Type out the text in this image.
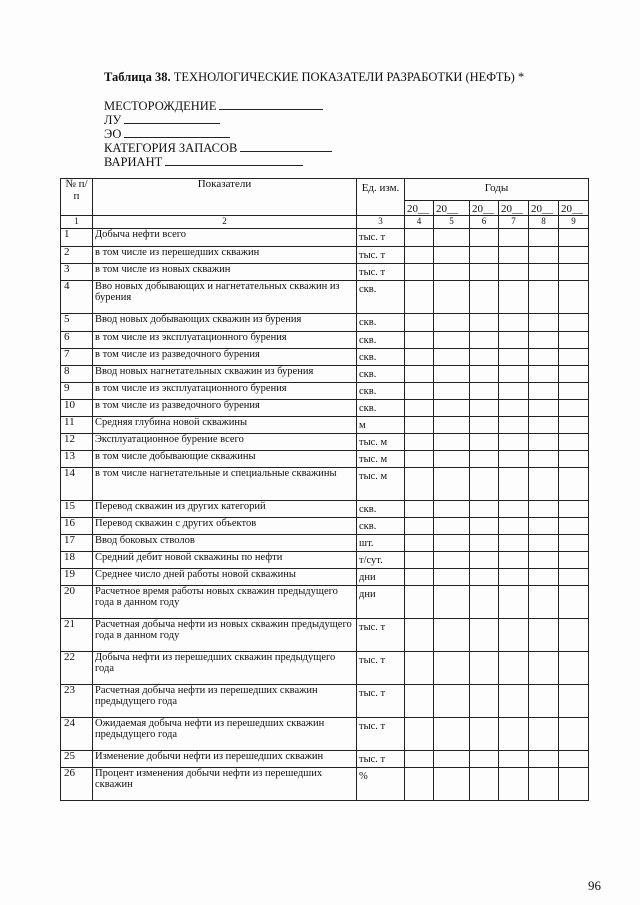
Таблица 38. ТЕХНОЛОГИЧЕСКИЕ ПОКАЗАТЕЛИ РАЗРАБОТКИ (НЕФТЬ) *
МЕСТОРОЖДЕНИЕ
ЛУ
ЭО
КАТЕГОРИЯ ЗАПАСОВ
ВАРИАНТ
№ п/п	Показатели	Ед. изм.	Годы					
			20__	20__	20__	20__	20__	20__
1	2	3	4	5	6	7	8	9
1	Добыча нефти всего	тыс. т						
2	в том числе из перешедших скважин	тыс. т						
3	в том числе из новых скважин	тыс. т						
4	Вво новых добывающих и нагнетательных скважин из бурения	скв.						
5	Ввод новых добывающих скважин из бурения	скв.						
6	в том числе из эксплуатационного бурения	скв.						
7	в том числе из разведочного бурения	скв.						
8	Ввод новых нагнетательных скважин из бурения	скв.						
9	в том числе из эксплуатационного бурения	скв.						
10	в том числе из разведочного бурения	скв.						
11	Средняя глубина новой скважины	м						
12	Эксплуатационное бурение всего	тыс. м						
13	в том числе добывающие скважины	тыс. м						
14	в том числе нагнетательные и специальные скважины	тыс. м						
15	Перевод скважин из других категорий	скв.						
16	Перевод скважин с других объектов	скв.						
17	Ввод боковых стволов	шт.						
18	Средний дебит новой скважины по нефти	т/сут.						
19	Среднее число дней работы новой скважины	дни						
20	Расчетное время работы новых скважин предыдущего года в данном году	дни						
21	Расчетная добыча нефти из новых скважин предыдущего года в данном году	тыс. т						
22	Добыча нефти из перешедших скважин предыдущего года	тыс. т						
23	Расчетная добыча нефти из перешедших скважин предыдущего года	тыс. т						
24	Ожидаемая добыча нефти из перешедших скважин предыдущего года	тыс. т						
25	Изменение добычи нефти из перешедших скважин	тыс. т						
26	Процент изменения добычи нефти из перешедших скважин	%						
96
